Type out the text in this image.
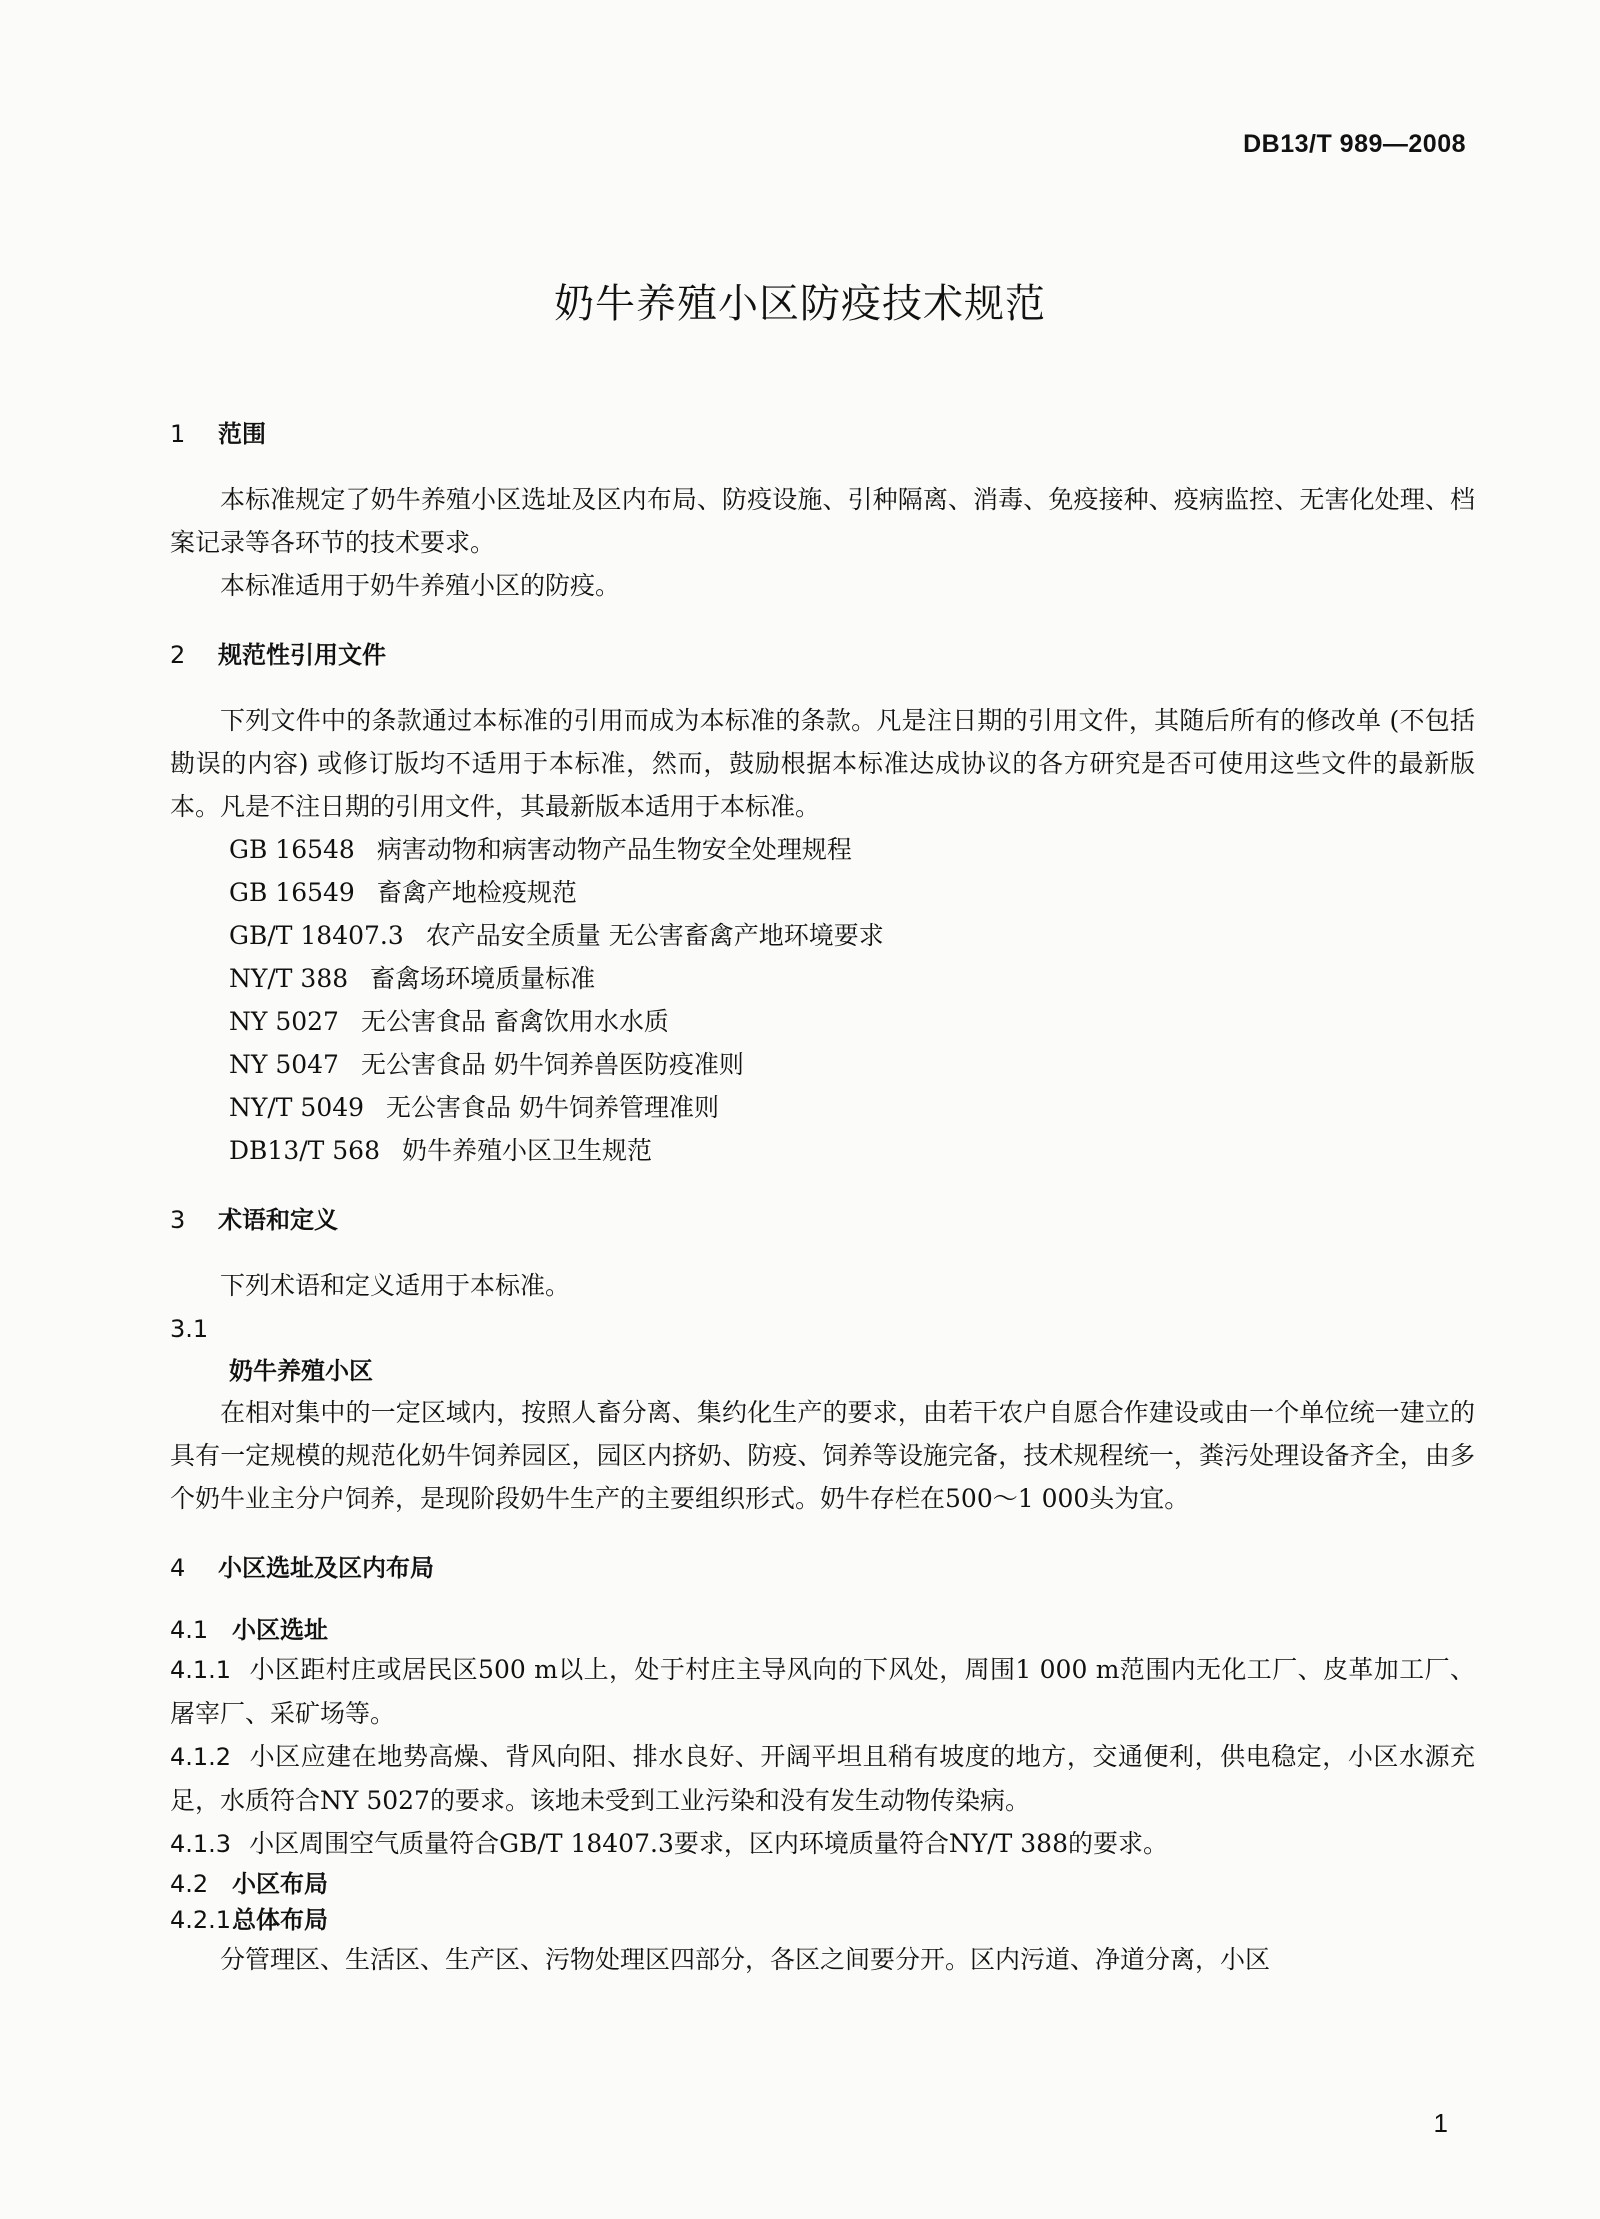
DB13/T 989—2008
奶牛养殖小区防疫技术规范
1 范围

本标准规定了奶牛养殖小区选址及区内布局、防疫设施、引种隔离、消毒、免疫接种、疫病监控、无害化处理、档案记录等各环节的技术要求。

本标准适用于奶牛养殖小区的防疫。

2 规范性引用文件

下列文件中的条款通过本标准的引用而成为本标准的条款。凡是注日期的引用文件，其随后所有的修改单 (不包括勘误的内容) 或修订版均不适用于本标准，然而，鼓励根据本标准达成协议的各方研究是否可使用这些文件的最新版本。凡是不注日期的引用文件，其最新版本适用于本标准。

GB 16548 病害动物和病害动物产品生物安全处理规程
GB 16549 畜禽产地检疫规范
GB/T 18407.3 农产品安全质量 无公害畜禽产地环境要求
NY/T 388 畜禽场环境质量标准
NY 5027 无公害食品 畜禽饮用水水质
NY 5047 无公害食品 奶牛饲养兽医防疫准则
NY/T 5049 无公害食品 奶牛饲养管理准则
DB13/T 568 奶牛养殖小区卫生规范
3 术语和定义

下列术语和定义适用于本标准。

3.1
奶牛养殖小区

在相对集中的一定区域内，按照人畜分离、集约化生产的要求，由若干农户自愿合作建设或由一个单位统一建立的具有一定规模的规范化奶牛饲养园区，园区内挤奶、防疫、饲养等设施完备，技术规程统一，粪污处理设备齐全，由多个奶牛业主分户饲养，是现阶段奶牛生产的主要组织形式。奶牛存栏在500～1 000头为宜。

4 小区选址及区内布局
4.1 小区选址

4.1.1 小区距村庄或居民区500 m以上，处于村庄主导风向的下风处，周围1 000 m范围内无化工厂、皮革加工厂、屠宰厂、采矿场等。

4.1.2 小区应建在地势高燥、背风向阳、排水良好、开阔平坦且稍有坡度的地方，交通便利，供电稳定，小区水源充足，水质符合NY 5027的要求。该地未受到工业污染和没有发生动物传染病。

4.1.3 小区周围空气质量符合GB/T 18407.3要求，区内环境质量符合NY/T 388的要求。

4.2 小区布局
4.2.1总体布局

分管理区、生活区、生产区、污物处理区四部分，各区之间要分开。区内污道、净道分离，小区

1
